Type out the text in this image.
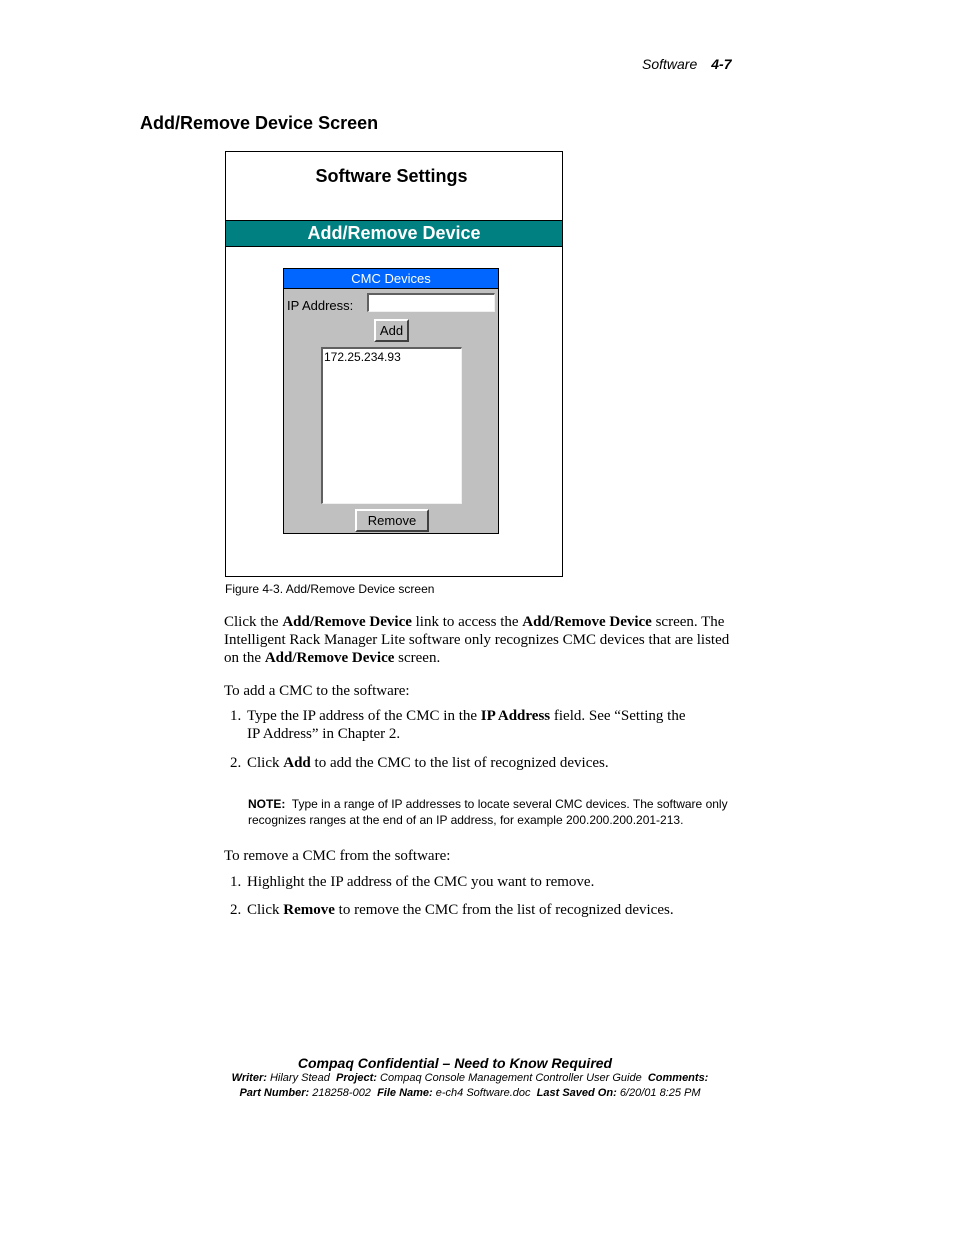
Software 4-7
Add/Remove Device Screen
Software Settings
Add/Remove Device
CMC Devices
IP Address:
Add
172.25.234.93
Remove
Figure 4-3. Add/Remove Device screen
Click the Add/Remove Device link to access the Add/Remove Device screen. The Intelligent Rack Manager Lite software only recognizes CMC devices that are listed on the Add/Remove Device screen.
To add a CMC to the software:
1. Type the IP address of the CMC in the IP Address field. See “Setting the IP Address” in Chapter 2.
2. Click Add to add the CMC to the list of recognized devices.
NOTE: Type in a range of IP addresses to locate several CMC devices. The software only recognizes ranges at the end of an IP address, for example 200.200.200.201-213.
To remove a CMC from the software:
1. Highlight the IP address of the CMC you want to remove.
2. Click Remove to remove the CMC from the list of recognized devices.
Compaq Confidential – Need to Know Required
Writer: Hilary Stead Project: Compaq Console Management Controller User Guide Comments:
Part Number: 218258-002 File Name: e-ch4 Software.doc Last Saved On: 6/20/01 8:25 PM
